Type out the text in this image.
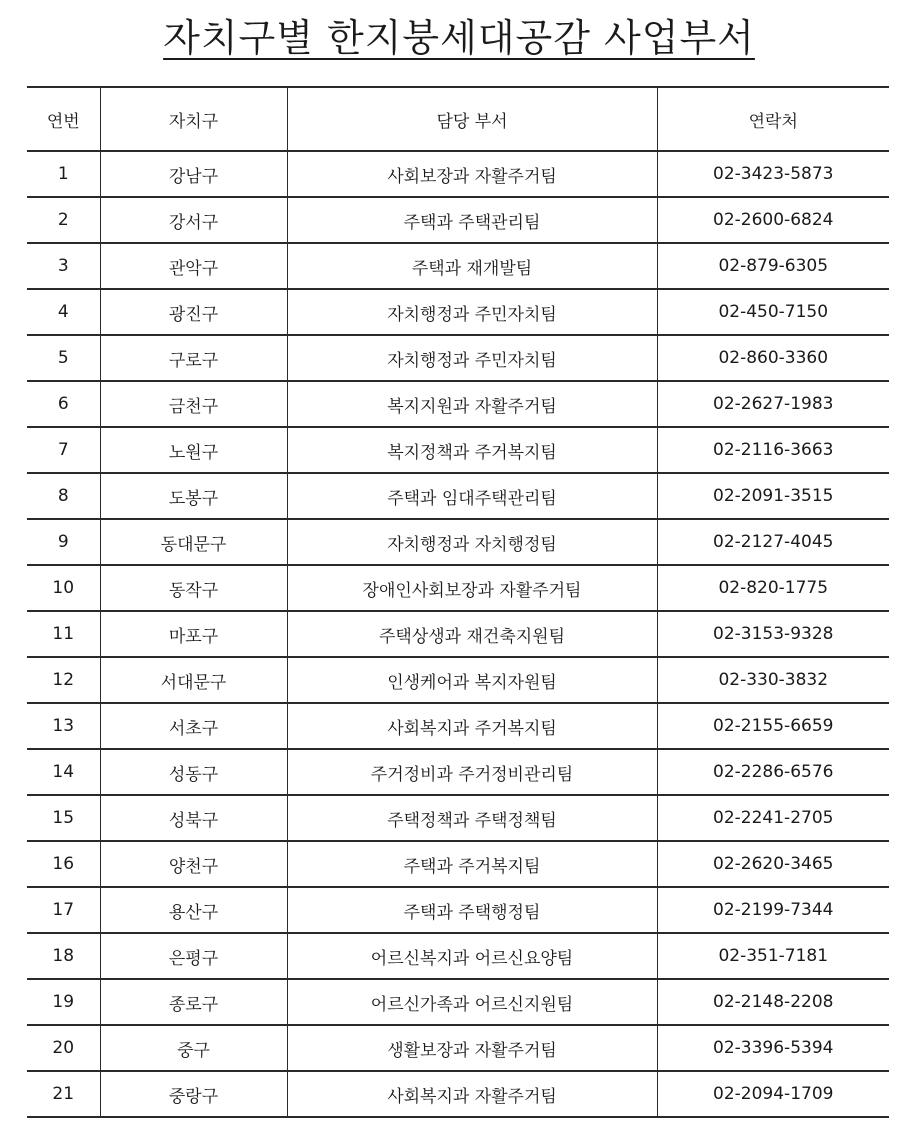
자치구별 한지붕세대공감 사업부서
연번	자치구	담당 부서	연락처
1	강남구	사회보장과 자활주거팀	02-3423-5873
2	강서구	주택과 주택관리팀	02-2600-6824
3	관악구	주택과 재개발팀	02-879-6305
4	광진구	자치행정과 주민자치팀	02-450-7150
5	구로구	자치행정과 주민자치팀	02-860-3360
6	금천구	복지지원과 자활주거팀	02-2627-1983
7	노원구	복지정책과 주거복지팀	02-2116-3663
8	도봉구	주택과 임대주택관리팀	02-2091-3515
9	동대문구	자치행정과 자치행정팀	02-2127-4045
10	동작구	장애인사회보장과 자활주거팀	02-820-1775
11	마포구	주택상생과 재건축지원팀	02-3153-9328
12	서대문구	인생케어과 복지자원팀	02-330-3832
13	서초구	사회복지과 주거복지팀	02-2155-6659
14	성동구	주거정비과 주거정비관리팀	02-2286-6576
15	성북구	주택정책과 주택정책팀	02-2241-2705
16	양천구	주택과 주거복지팀	02-2620-3465
17	용산구	주택과 주택행정팀	02-2199-7344
18	은평구	어르신복지과 어르신요양팀	02-351-7181
19	종로구	어르신가족과 어르신지원팀	02-2148-2208
20	중구	생활보장과 자활주거팀	02-3396-5394
21	중랑구	사회복지과 자활주거팀	02-2094-1709
